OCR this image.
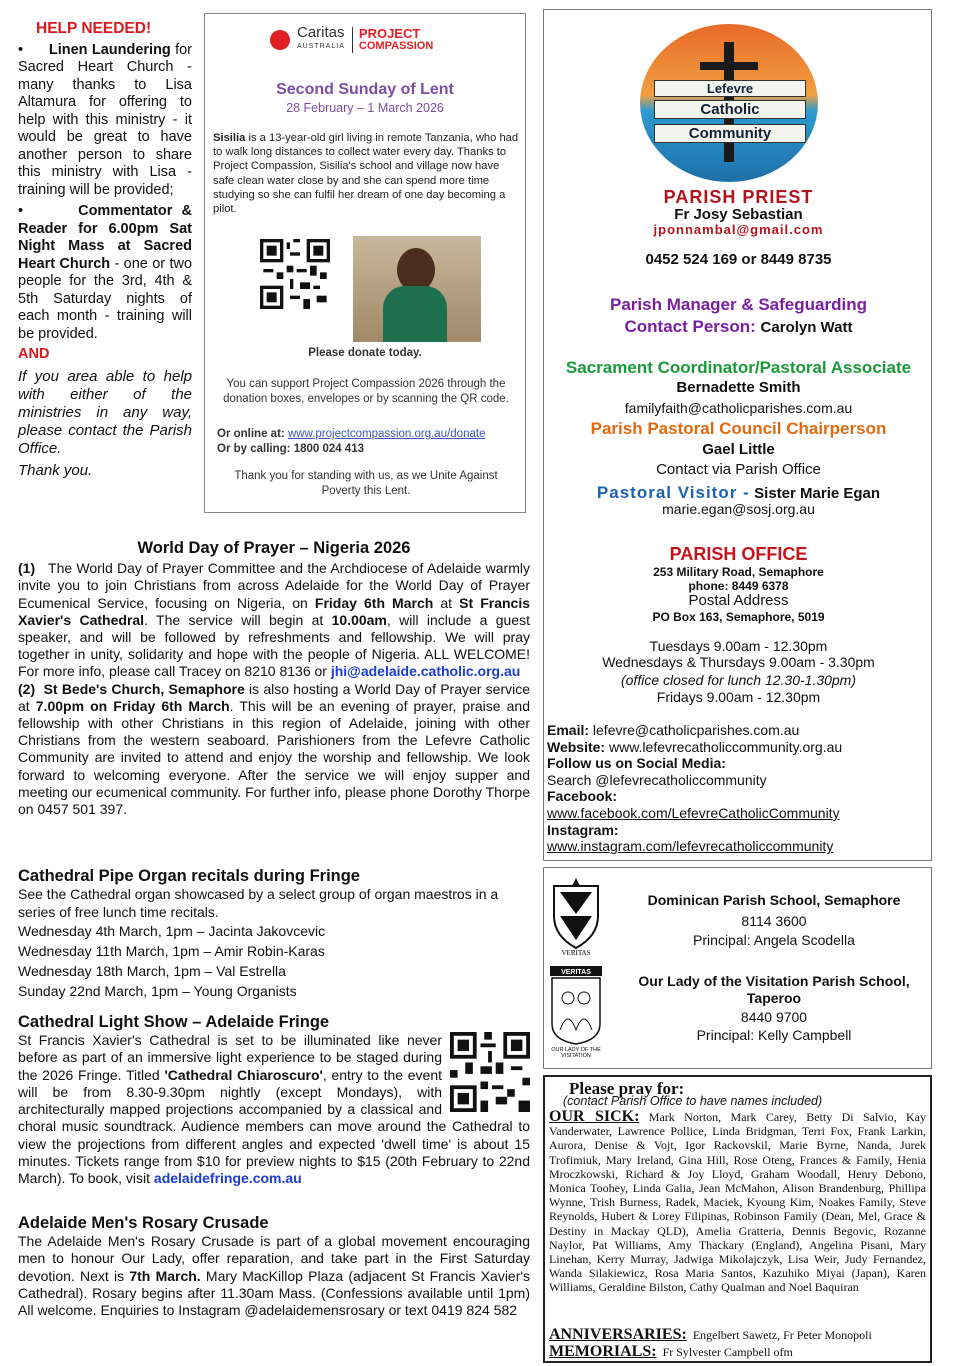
HELP NEEDED!
• Linen Laundering for Sacred Heart Church - many thanks to Lisa Altamura for offering to help with this ministry - it would be great to have another person to share this ministry with Lisa - training will be provided;
•	Commentator & Reader for 6.00pm Sat Night Mass at Sacred Heart Church - one or two people for the 3rd, 4th & 5th Saturday nights of each month - training will be provided.
AND
If you area able to help with either of the ministries in any way, please contact the Parish Office.
Thank you.
Caritas
AUSTRALIA
PROJECT
COMPASSION
Second Sunday of Lent
28 February – 1 March 2026
Sisilia is a 13-year-old girl living in remote Tanzania, who had to walk long distances to collect water every day. Thanks to Project Compassion, Sisilia's school and village now have safe clean water close by and she can spend more time studying so she can fulfil her dream of one day becoming a pilot.
Please donate today.
You can support Project Compassion 2026 through the donation boxes, envelopes or by scanning the QR code.
Or online at: www.projectcompassion.org.au/donate
Or by calling: 1800 024 413
Thank you for standing with us, as we Unite Against Poverty this Lent.
Lefevre
Catholic
Community
PARISH PRIEST
Fr Josy Sebastian
jponnambal@gmail.com
0452 524 169 or 8449 8735
Parish Manager & Safeguarding
Contact Person: Carolyn Watt
Sacrament Coordinator/Pastoral Associate
Bernadette Smith
familyfaith@catholicparishes.com.au
Parish Pastoral Council Chairperson
Gael Little
Contact via Parish Office
Pastoral Visitor - Sister Marie Egan
marie.egan@sosj.org.au
PARISH OFFICE
253 Military Road, Semaphore
phone: 8449 6378
Postal Address
PO Box 163, Semaphore, 5019
Tuesdays 9.00am - 12.30pm
Wednesdays & Thursdays 9.00am - 3.30pm
(office closed for lunch 12.30-1.30pm)
Fridays 9.00am - 12.30pm
Email: lefevre@catholicparishes.com.au
Website: www.lefevrecatholiccommunity.org.au
Follow us on Social Media:
Search @lefevrecatholiccommunity
Facebook:
www.facebook.com/LefevreCatholicCommunity
Instagram:
www.instagram.com/lefevrecatholiccommunity
World Day of Prayer – Nigeria 2026

(1) The World Day of Prayer Committee and the Archdiocese of Adelaide warmly invite you to join Christians from across Adelaide for the World Day of Prayer Ecumenical Service, focusing on Nigeria, on Friday 6th March at St Francis Xavier's Cathedral. The service will begin at 10.00am, will include a guest speaker, and will be followed by refreshments and fellowship. We will pray together in unity, solidarity and hope with the people of Nigeria. ALL WELCOME! For more info, please call Tracey on 8210 8136 or jhi@adelaide.catholic.org.au

(2) St Bede's Church, Semaphore is also hosting a World Day of Prayer service at 7.00pm on Friday 6th March. This will be an evening of prayer, praise and fellowship with other Christians in this region of Adelaide, joining with other Christians from the western seaboard. Parishioners from the Lefevre Catholic Community are invited to attend and enjoy the worship and fellowship. We look forward to welcoming everyone. After the service we will enjoy supper and meeting our ecumenical community. For further info, please phone Dorothy Thorpe on 0457 501 397.

Cathedral Pipe Organ recitals during Fringe

See the Cathedral organ showcased by a select group of organ maestros in a series of free lunch time recitals.

Wednesday 4th March, 1pm – Jacinta Jakovcevic

Wednesday 11th March, 1pm – Amir Robin-Karas

Wednesday 18th March, 1pm – Val Estrella

Sunday 22nd March, 1pm – Young Organists

Cathedral Light Show – Adelaide Fringe

St Francis Xavier's Cathedral is set to be illuminated like never before as part of an immersive light experience to be staged during the 2026 Fringe. Titled 'Cathedral Chiaroscuro', entry to the event will be from 8.30-9.30pm nightly (except Mondays), with architecturally mapped projections accompanied by a classical and choral music soundtrack. Audience members can move around the Cathedral to view the projections from different angles and expected 'dwell time' is about 15 minutes. Tickets range from $10 for preview nights to $15 (20th February to 22nd March). To book, visit adelaidefringe.com.au

Adelaide Men's Rosary Crusade

The Adelaide Men's Rosary Crusade is part of a global movement encouraging men to honour Our Lady, offer reparation, and take part in the First Saturday devotion. Next is 7th March. Mary MacKillop Plaza (adjacent St Francis Xavier's Cathedral). Rosary begins after 11.30am Mass. (Confessions available until 1pm) All welcome. Enquiries to Instagram @adelaidemensrosary or text 0419 824 582

VERITAS
VERITAS
OUR LADY OF THE VISITATION
Dominican Parish School, Semaphore
8114 3600
Principal: Angela Scodella
Our Lady of the Visitation Parish School, Taperoo
8440 9700
Principal: Kelly Campbell
Please pray for:
(contact Parish Office to have names included)
OUR SICK: Mark Norton, Mark Carey, Betty Di Salvio, Kay Vanderwater, Lawrence Pollice, Linda Bridgman, Terri Fox, Frank Larkin, Aurora, Denise & Vojt, Igor Rackovskil, Marie Byrne, Nanda, Jurek Trofimiuk, Mary Ireland, Gina Hill, Rose Oteng, Frances & Family, Henia Mroczkowski, Richard & Joy Lloyd, Graham Woodall, Henry Debono, Monica Toohey, Linda Galia, Jean McMahon, Alison Brandenburg, Phillipa Wynne, Trish Burness, Radek, Maciek, Kyoung Kim, Noakes Family, Steve Reynolds, Hubert & Lorey Filipinas, Robinson Family (Dean, Mel, Grace & Destiny in Mackay QLD), Amelia Gratteria, Dennis Begovic, Rozanne Naylor, Pat Williams, Amy Thackary (England), Angelina Pisani, Mary Linehan, Kerry Murray, Jadwiga Mikolajczyk, Lisa Weir, Judy Fernandez, Wanda Silakiewicz, Rosa Maria Santos, Kazuhiko Miyai (Japan), Karen Williams, Geraldine Bilston, Cathy Qualman and Noel Baquiran
ANNIVERSARIES: Engelbert Sawetz, Fr Peter Monopoli
MEMORIALS: Fr Sylvester Campbell ofm
